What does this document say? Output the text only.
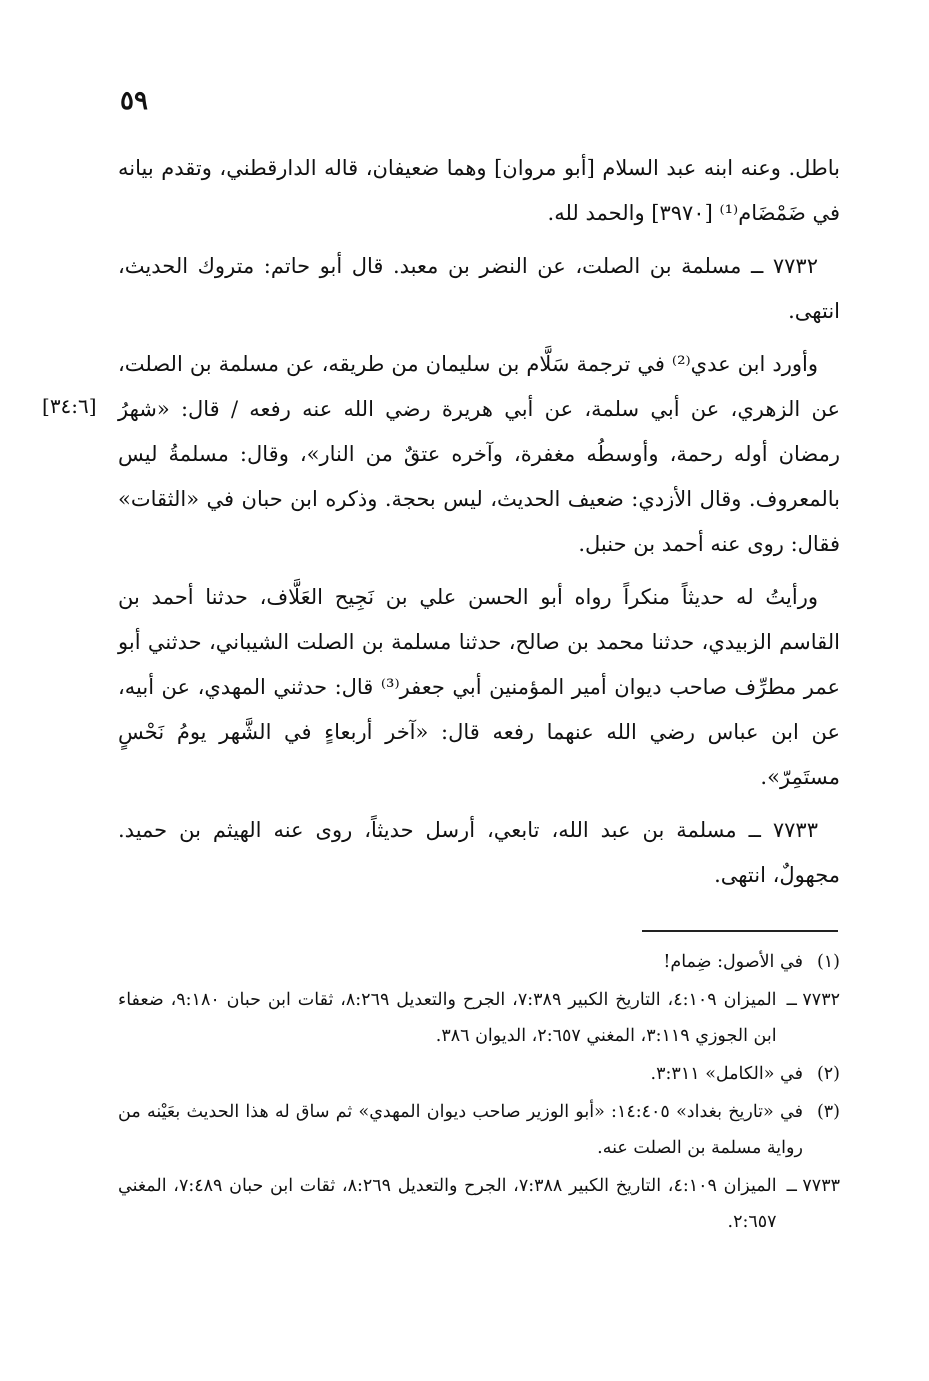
٥٩

باطل. وعنه ابنه عبد السلام [أبو مروان] وهما ضعيفان، قاله الدارقطني، وتقدم بيانه في ضَمْضَام⁽¹⁾ [٣٩٧٠] والحمد لله.

٧٧٣٢ ــ مسلمة بن الصلت، عن النضر بن معبد. قال أبو حاتم: متروك الحديث، انتهى.

وأورد ابن عدي⁽²⁾ في ترجمة سَلَّام بن سليمان من طريقه، عن مسلمة بن الصلت، عن الزهري، عن أبي سلمة، عن أبي هريرة رضي الله عنه رفعه / قال: «شهرُ رمضان أوله رحمة، وأوسطُه مغفرة، وآخره عتقٌ من النار»، وقال: مسلمةُ ليس بالمعروف. وقال الأزدي: ضعيف الحديث، ليس بحجة. وذكره ابن حبان في «الثقات» فقال: روى عنه أحمد بن حنبل.

ورأيتُ له حديثاً منكراً رواه أبو الحسن علي بن نَجِيح العَلَّاف، حدثنا أحمد بن القاسم الزبيدي، حدثنا محمد بن صالح، حدثنا مسلمة بن الصلت الشيباني، حدثني أبو عمر مطرِّف صاحب ديوان أمير المؤمنين أبي جعفر⁽³⁾ قال: حدثني المهدي، عن أبيه، عن ابن عباس رضي الله عنهما رفعه قال: «آخر أربعاءٍ في الشَّهر يومُ نَحْسٍ مستَمِرّ».

٧٧٣٣ ــ مسلمة بن عبد الله، تابعي، أرسل حديثاً، روى عنه الهيثم بن حميد. مجهولٌ، انتهى.

[٣٤:٦]
(١)
في الأصول: ضِمام!
٧٧٣٢ ــ
الميزان ٤:١٠٩، التاريخ الكبير ٧:٣٨٩، الجرح والتعديل ٨:٢٦٩، ثقات ابن حبان ٩:١٨٠، ضعفاء ابن الجوزي ٣:١١٩، المغني ٢:٦٥٧، الديوان ٣٨٦.
(٢)
في «الكامل» ٣:٣١١.
(٣)
في «تاريخ بغداد» ١٤:٤٠٥: «أبو الوزير صاحب ديوان المهدي» ثم ساق له هذا الحديث بعَيْنه من رواية مسلمة بن الصلت عنه.
٧٧٣٣ ــ
الميزان ٤:١٠٩، التاريخ الكبير ٧:٣٨٨، الجرح والتعديل ٨:٢٦٩، ثقات ابن حبان ٧:٤٨٩، المغني ٢:٦٥٧.
